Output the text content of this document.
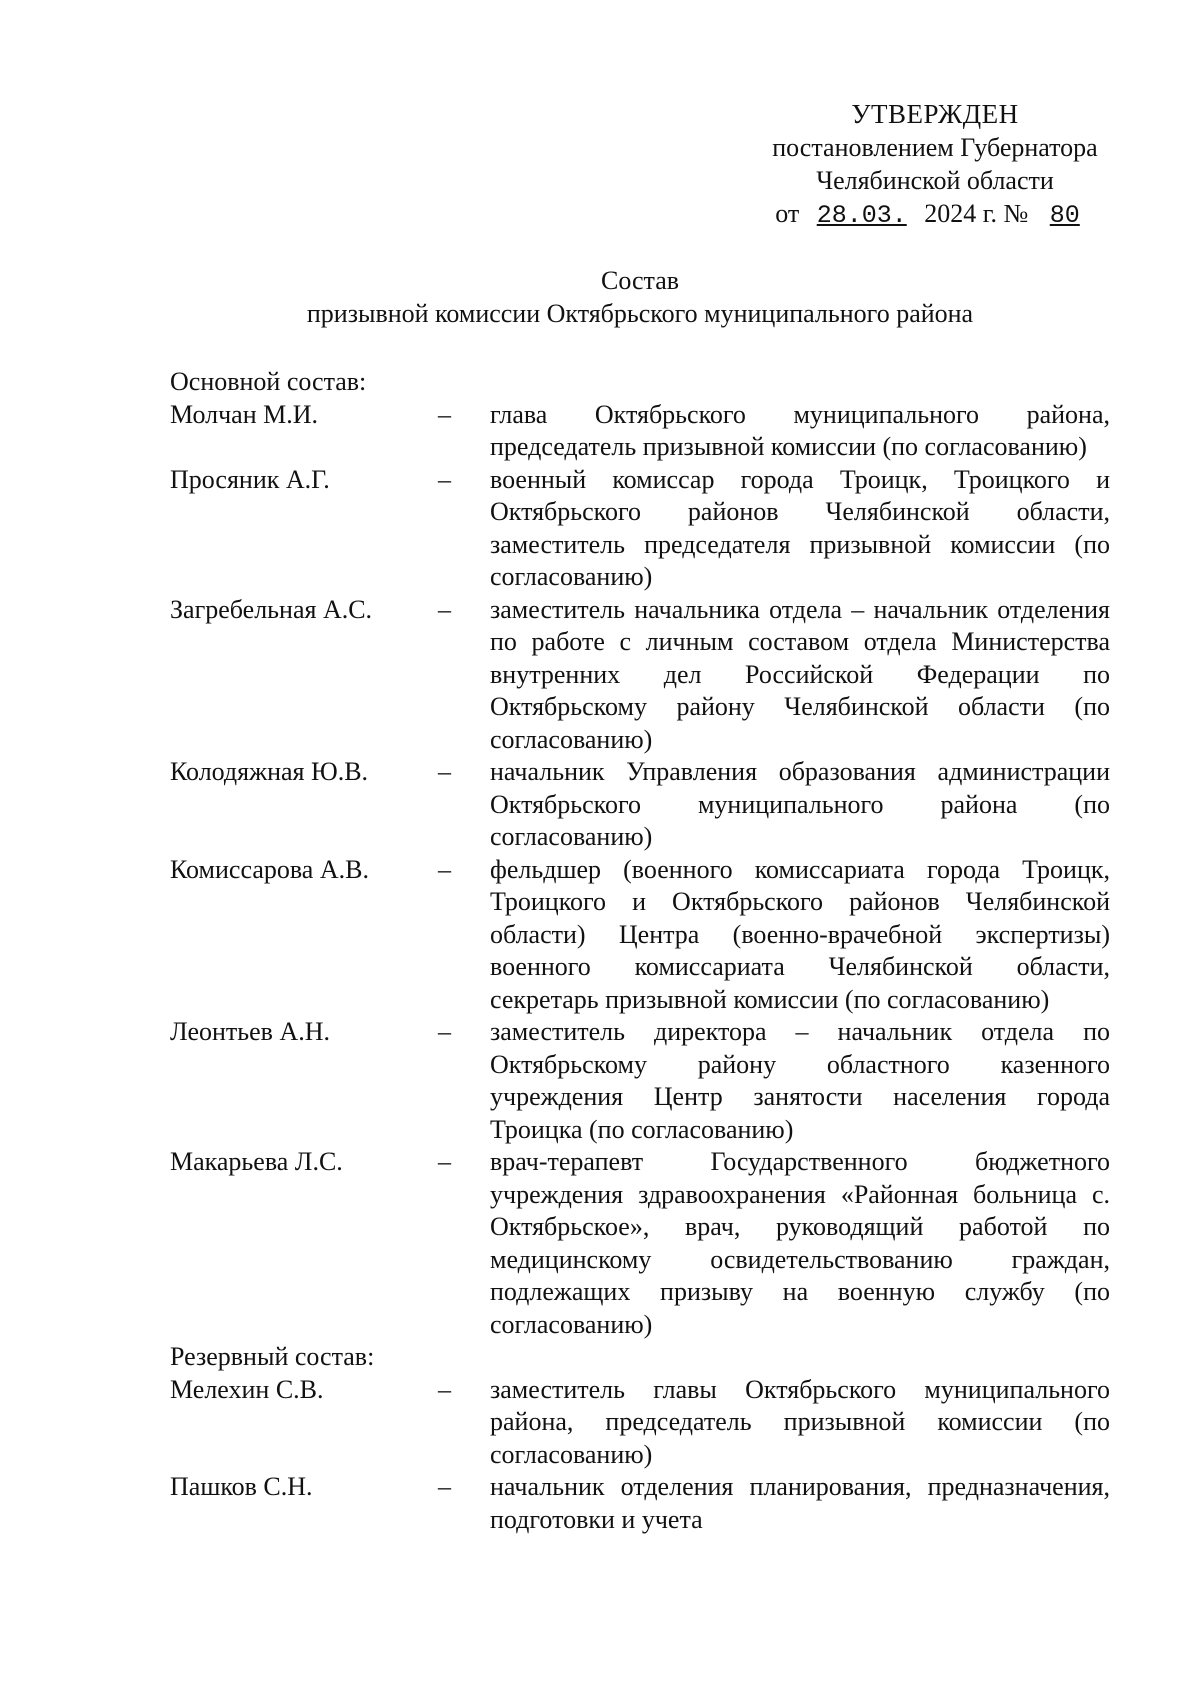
УТВЕРЖДЕН
постановлением Губернатора
Челябинской области
от 28.03. 2024 г. № 80
Состав
призывной комиссии Октябрьского муниципального района
Основной состав:
Молчан М.И.	–	глава Октябрьского муниципального района, председатель призывной комиссии (по согласованию)
Просяник А.Г.	–	военный комиссар города Троицк, Троицкого и Октябрьского районов Челябинской области, заместитель председателя призывной комиссии (по согласованию)
Загребельная А.С.	–	заместитель начальника отдела – начальник отделения по работе с личным составом отдела Министерства внутренних дел Российской Федерации по Октябрьскому району Челябинской области (по согласованию)
Колодяжная Ю.В.	–	начальник Управления образования администрации Октябрьского муниципального района (по согласованию)
Комиссарова А.В.	–	фельдшер (военного комиссариата города Троицк, Троицкого и Октябрьского районов Челябинской области) Центра (военно-врачебной экспертизы) военного комиссариата Челябинской области, секретарь призывной комиссии (по согласованию)
Леонтьев А.Н.	–	заместитель директора – начальник отдела по Октябрьскому району областного казенного учреждения Центр занятости населения города Троицка (по согласованию)
Макарьева Л.С.	–	врач-терапевт Государственного бюджетного учреждения здравоохранения «Районная больница с. Октябрьское», врач, руководящий работой по медицинскому освидетельствованию граждан, подлежащих призыву на военную службу (по согласованию)
Резервный состав:
Мелехин С.В.	–	заместитель главы Октябрьского муниципального района, председатель призывной комиссии (по согласованию)
Пашков С.Н.	–	начальник отделения планирования, предназначения, подготовки и учета
